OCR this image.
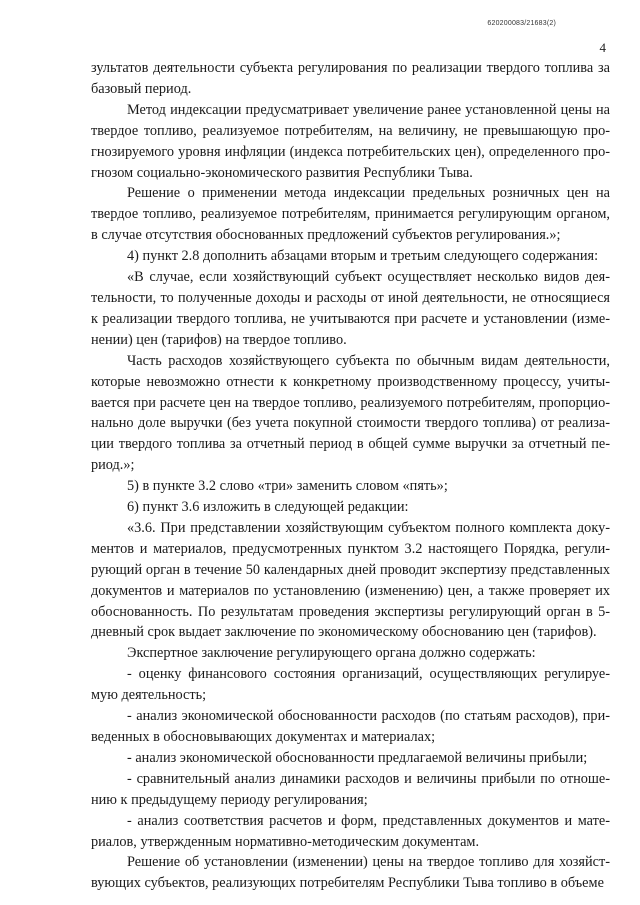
620200083/21683(2)
4

зультатов деятельности субъекта регулирования по реализации твердого топлива за базовый период.

Метод индексации предусматривает увеличение ранее установленной цены на твердое топливо, реализуемое потребителям, на величину, не превышающую прогнозируемого уровня инфляции (индекса потребительских цен), определенного прогнозом социально-экономического развития Республики Тыва.

Решение о применении метода индексации предельных розничных цен на твердое топливо, реализуемое потребителям, принимается регулирующим органом, в случае отсутствия обоснованных предложений субъектов регулирования.»;

4) пункт 2.8 дополнить абзацами вторым и третьим следующего содержания:

«В случае, если хозяйствующий субъект осуществляет несколько видов деятельности, то полученные доходы и расходы от иной деятельности, не относящиеся к реализации твердого топлива, не учитываются при расчете и установлении (изменении) цен (тарифов) на твердое топливо.

Часть расходов хозяйствующего субъекта по обычным видам деятельности, которые невозможно отнести к конкретному производственному процессу, учитывается при расчете цен на твердое топливо, реализуемого потребителям, пропорционально доле выручки (без учета покупной стоимости твердого топлива) от реализации твердого топлива за отчетный период в общей сумме выручки за отчетный период.»;

5) в пункте 3.2 слово «три» заменить словом «пять»;

6) пункт 3.6 изложить в следующей редакции:

«3.6. При представлении хозяйствующим субъектом полного комплекта документов и материалов, предусмотренных пунктом 3.2 настоящего Порядка, регулирующий орган в течение 50 календарных дней проводит экспертизу представленных документов и материалов по установлению (изменению) цен, а также проверяет их обоснованность. По результатам проведения экспертизы регулирующий орган в 5-дневный срок выдает заключение по экономическому обоснованию цен (тарифов).

Экспертное заключение регулирующего органа должно содержать:

- оценку финансового состояния организаций, осуществляющих регулируемую деятельность;

- анализ экономической обоснованности расходов (по статьям расходов), приведенных в обосновывающих документах и материалах;

- анализ экономической обоснованности предлагаемой величины прибыли;

- сравнительный анализ динамики расходов и величины прибыли по отношению к предыдущему периоду регулирования;

- анализ соответствия расчетов и форм, представленных документов и материалов, утвержденным нормативно-методическим документам.

Решение об установлении (изменении) цены на твердое топливо для хозяйствующих субъектов, реализующих потребителям Республики Тыва топливо в объеме
